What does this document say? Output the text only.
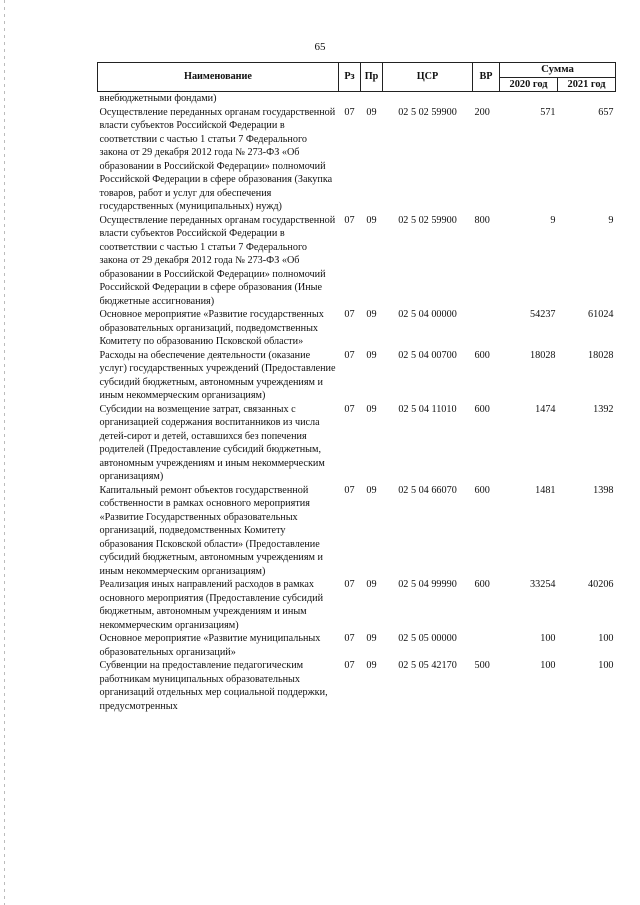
65
Наименование	Рз	Пр	ЦСР	ВР	Сумма	
					2020 год	2021 год
внебюджетными фондами)						
Осуществление переданных органам государственной власти субъектов Российской Федерации в соответствии с частью 1 статьи 7 Федерального закона от 29 декабря 2012 года № 273-ФЗ «Об образовании в Российской Федерации» полномочий Российской Федерации в сфере образования (Закупка товаров, работ и услуг для обеспечения государственных (муниципальных) нужд)	07	09	02 5 02 59900	200	571	657
Осуществление переданных органам государственной власти субъектов Российской Федерации в соответствии с частью 1 статьи 7 Федерального закона от 29 декабря 2012 года № 273-ФЗ «Об образовании в Российской Федерации» полномочий Российской Федерации в сфере образования (Иные бюджетные ассигнования)	07	09	02 5 02 59900	800	9	9
Основное мероприятие «Развитие государственных образовательных организаций, подведомственных Комитету по образованию Псковской области»	07	09	02 5 04 00000		54237	61024
Расходы на обеспечение деятельности (оказание услуг) государственных учреждений (Предоставление субсидий бюджетным, автономным учреждениям и иным некоммерческим организациям)	07	09	02 5 04 00700	600	18028	18028
Субсидии на возмещение затрат, связанных с организацией содержания воспитанников из числа детей-сирот и детей, оставшихся без попечения родителей (Предоставление субсидий бюджетным, автономным учреждениям и иным некоммерческим организациям)	07	09	02 5 04 11010	600	1474	1392
Капитальный ремонт объектов государственной собственности в рамках основного мероприятия «Развитие Государственных образовательных организаций, подведомственных Комитету образования Псковской области» (Предоставление субсидий бюджетным, автономным учреждениям и иным некоммерческим организациям)	07	09	02 5 04 66070	600	1481	1398
Реализация иных направлений расходов в рамках основного мероприятия (Предоставление субсидий бюджетным, автономным учреждениям и иным некоммерческим организациям)	07	09	02 5 04 99990	600	33254	40206
Основное мероприятие «Развитие муниципальных образовательных организаций»	07	09	02 5 05 00000		100	100
Субвенции на предоставление педагогическим работникам муниципальных образовательных организаций отдельных мер социальной поддержки, предусмотренных	07	09	02 5 05 42170	500	100	100
